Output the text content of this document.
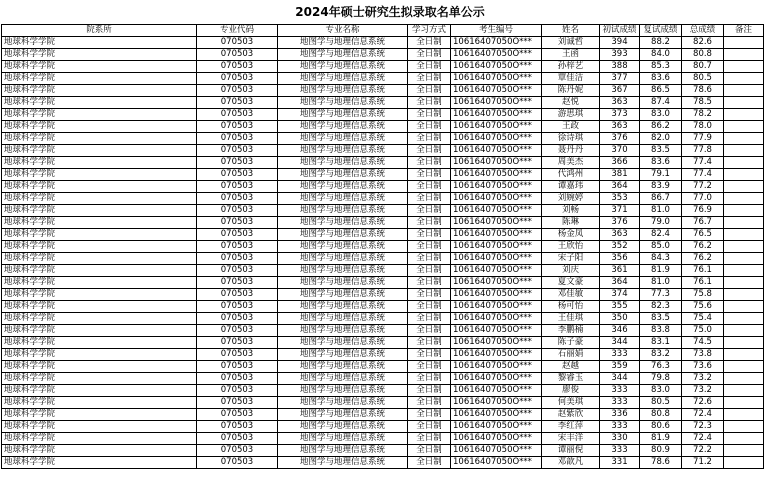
2024年硕士研究生拟录取名单公示
院系所	专业代码	专业名称	学习方式	考生编号	姓名	初试成绩	复试成绩	总成绩	备注
地球科学学院	070503	地图学与地理信息系统	全日制	10616407050O***	刘诚哲	394	88.2	82.6	
地球科学学院	070503	地图学与地理信息系统	全日制	10616407050O***	王函	393	84.0	80.8	
地球科学学院	070503	地图学与地理信息系统	全日制	10616407050O***	孙梓艺	388	85.3	80.7	
地球科学学院	070503	地图学与地理信息系统	全日制	10616407050O***	覃佳洁	377	83.6	80.5	
地球科学学院	070503	地图学与地理信息系统	全日制	10616407050O***	陈丹妮	367	86.5	78.6	
地球科学学院	070503	地图学与地理信息系统	全日制	10616407050O***	赵悦	363	87.4	78.5	
地球科学学院	070503	地图学与地理信息系统	全日制	10616407050O***	游思琪	373	83.0	78.2	
地球科学学院	070503	地图学与地理信息系统	全日制	10616407050O***	王政	363	86.2	78.0	
地球科学学院	070503	地图学与地理信息系统	全日制	10616407050O***	徐诗琪	376	82.0	77.9	
地球科学学院	070503	地图学与地理信息系统	全日制	10616407050O***	聂丹丹	370	83.5	77.8	
地球科学学院	070503	地图学与地理信息系统	全日制	10616407050O***	周美杰	366	83.6	77.4	
地球科学学院	070503	地图学与地理信息系统	全日制	10616407050O***	代鸿州	381	79.1	77.4	
地球科学学院	070503	地图学与地理信息系统	全日制	10616407050O***	谭嘉玮	364	83.9	77.2	
地球科学学院	070503	地图学与地理信息系统	全日制	10616407050O***	刘婉婷	353	86.7	77.0	
地球科学学院	070503	地图学与地理信息系统	全日制	10616407050O***	刘畅	371	81.0	76.9	
地球科学学院	070503	地图学与地理信息系统	全日制	10616407050O***	陈琳	376	79.0	76.7	
地球科学学院	070503	地图学与地理信息系统	全日制	10616407050O***	杨金凤	363	82.4	76.5	
地球科学学院	070503	地图学与地理信息系统	全日制	10616407050O***	王欣怡	352	85.0	76.2	
地球科学学院	070503	地图学与地理信息系统	全日制	10616407050O***	宋子阳	356	84.3	76.2	
地球科学学院	070503	地图学与地理信息系统	全日制	10616407050O***	刘庆	361	81.9	76.1	
地球科学学院	070503	地图学与地理信息系统	全日制	10616407050O***	夏文豪	364	81.0	76.1	
地球科学学院	070503	地图学与地理信息系统	全日制	10616407050O***	邓佳敏	374	77.3	75.8	
地球科学学院	070503	地图学与地理信息系统	全日制	10616407050O***	杨可怡	355	82.3	75.6	
地球科学学院	070503	地图学与地理信息系统	全日制	10616407050O***	王佳琪	350	83.5	75.4	
地球科学学院	070503	地图学与地理信息系统	全日制	10616407050O***	李鹏楠	346	83.8	75.0	
地球科学学院	070503	地图学与地理信息系统	全日制	10616407050O***	陈子豪	344	83.1	74.5	
地球科学学院	070503	地图学与地理信息系统	全日制	10616407050O***	石丽娟	333	83.2	73.8	
地球科学学院	070503	地图学与地理信息系统	全日制	10616407050O***	赵越	359	76.3	73.6	
地球科学学院	070503	地图学与地理信息系统	全日制	10616407050O***	黎睿玉	344	79.8	73.2	
地球科学学院	070503	地图学与地理信息系统	全日制	10616407050O***	廖俊	333	83.0	73.2	
地球科学学院	070503	地图学与地理信息系统	全日制	10616407050O***	何美琪	333	80.5	72.6	
地球科学学院	070503	地图学与地理信息系统	全日制	10616407050O***	赵紫欣	336	80.8	72.4	
地球科学学院	070503	地图学与地理信息系统	全日制	10616407050O***	李红萍	333	80.6	72.3	
地球科学学院	070503	地图学与地理信息系统	全日制	10616407050O***	宋丰洋	330	81.9	72.4	
地球科学学院	070503	地图学与地理信息系统	全日制	10616407050O***	谭丽倪	333	80.9	72.2	
地球科学学院	070503	地图学与地理信息系统	全日制	10616407050O***	邓歆凡	331	78.6	71.2	
